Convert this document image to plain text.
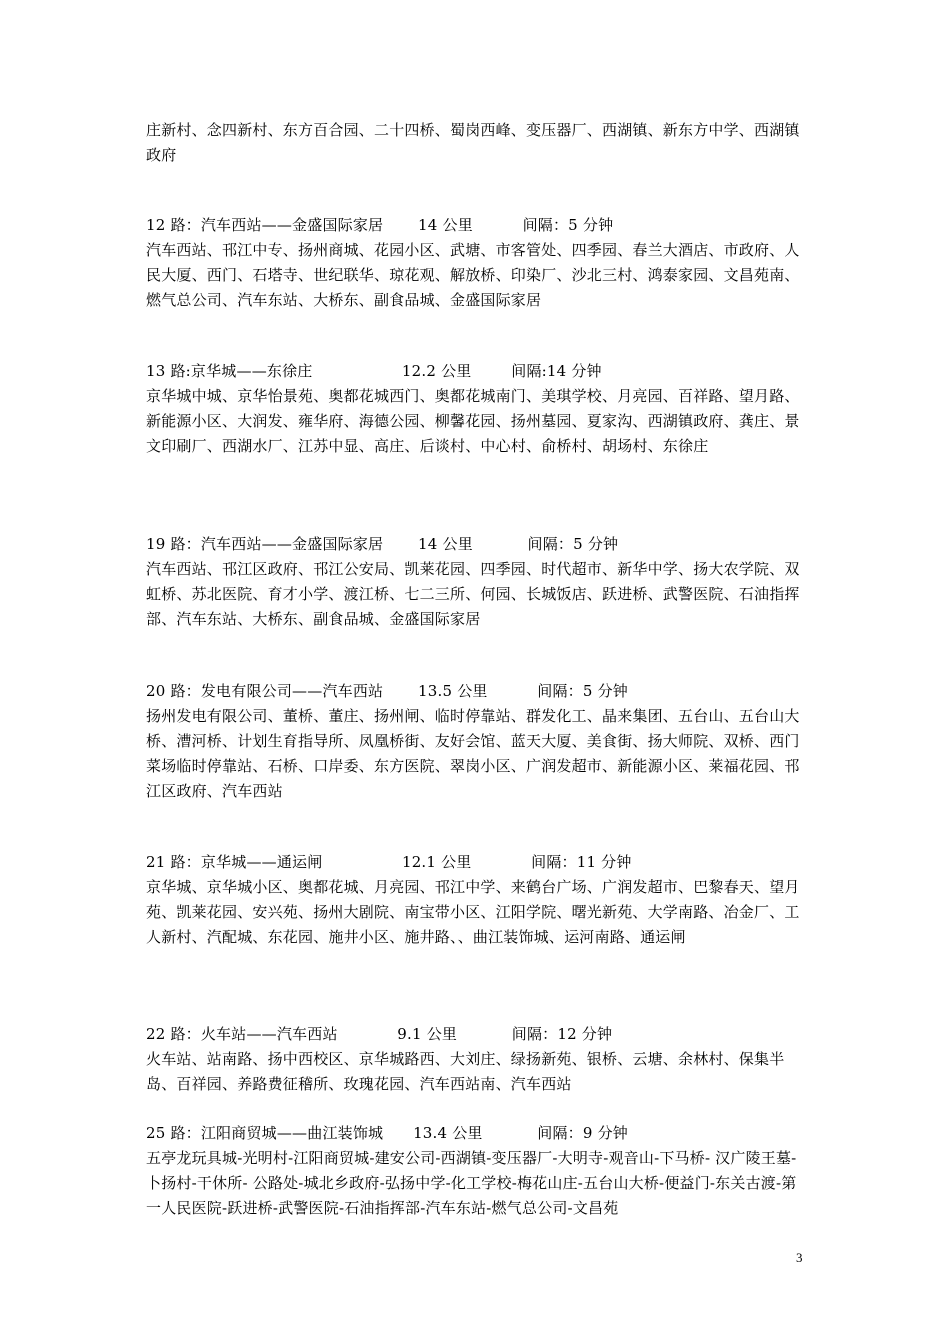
庄新村、念四新村、东方百合园、二十四桥、蜀岗西峰、变压器厂、西湖镇、新东方中学、西湖镇政府

12 路：汽车西站——金盛国际家居       14 公里          间隔：5 分钟

汽车西站、邗江中专、扬州商城、花园小区、武塘、市客管处、四季园、春兰大酒店、市政府、人民大厦、西门、石塔寺、世纪联华、琼花观、解放桥、印染厂、沙北三村、鸿泰家园、文昌苑南、燃气总公司、汽车东站、大桥东、副食品城、金盛国际家居

13 路:京华城——东徐庄                  12.2 公里        间隔:14 分钟

京华城中城、京华怡景苑、奥都花城西门、奥都花城南门、美琪学校、月亮园、百祥路、望月路、新能源小区、大润发、雍华府、海德公园、柳馨花园、扬州墓园、夏家沟、西湖镇政府、龚庄、景文印刷厂、西湖水厂、江苏中显、高庄、后谈村、中心村、俞桥村、胡场村、东徐庄

19 路：汽车西站——金盛国际家居       14 公里           间隔：5 分钟

汽车西站、邗江区政府、邗江公安局、凯莱花园、四季园、时代超市、新华中学、扬大农学院、双虹桥、苏北医院、育才小学、渡江桥、七二三所、何园、长城饭店、跃进桥、武警医院、石油指挥部、汽车东站、大桥东、副食品城、金盛国际家居

20 路：发电有限公司——汽车西站       13.5 公里          间隔：5 分钟

扬州发电有限公司、董桥、董庄、扬州闸、临时停靠站、群发化工、晶来集团、五台山、五台山大桥、漕河桥、计划生育指导所、凤凰桥街、友好会馆、蓝天大厦、美食街、扬大师院、双桥、西门菜场临时停靠站、石桥、口岸委、东方医院、翠岗小区、广润发超市、新能源小区、莱福花园、邗江区政府、汽车西站

21 路：京华城——通运闸                12.1 公里            间隔：11 分钟

京华城、京华城小区、奥都花城、月亮园、邗江中学、来鹤台广场、广润发超市、巴黎春天、望月苑、凯莱花园、安兴苑、扬州大剧院、南宝带小区、江阳学院、曙光新苑、大学南路、冶金厂、工人新村、汽配城、东花园、施井小区、施井路、、曲江装饰城、运河南路、通运闸

22 路：火车站——汽车西站            9.1 公里           间隔：12 分钟

火车站、站南路、扬中西校区、京华城路西、大刘庄、绿扬新苑、银桥、云塘、余林村、保集半岛、百祥园、养路费征稽所、玫瑰花园、汽车西站南、汽车西站

25 路：江阳商贸城——曲江装饰城      13.4 公里           间隔：9 分钟

五亭龙玩具城-光明村-江阳商贸城-建安公司-西湖镇-变压器厂-大明寺-观音山-下马桥- 汉广陵王墓-卜扬村-干休所- 公路处-城北乡政府-弘扬中学-化工学校-梅花山庄-五台山大桥-便益门-东关古渡-第一人民医院-跃进桥-武警医院-石油指挥部-汽车东站-燃气总公司-文昌苑

3
